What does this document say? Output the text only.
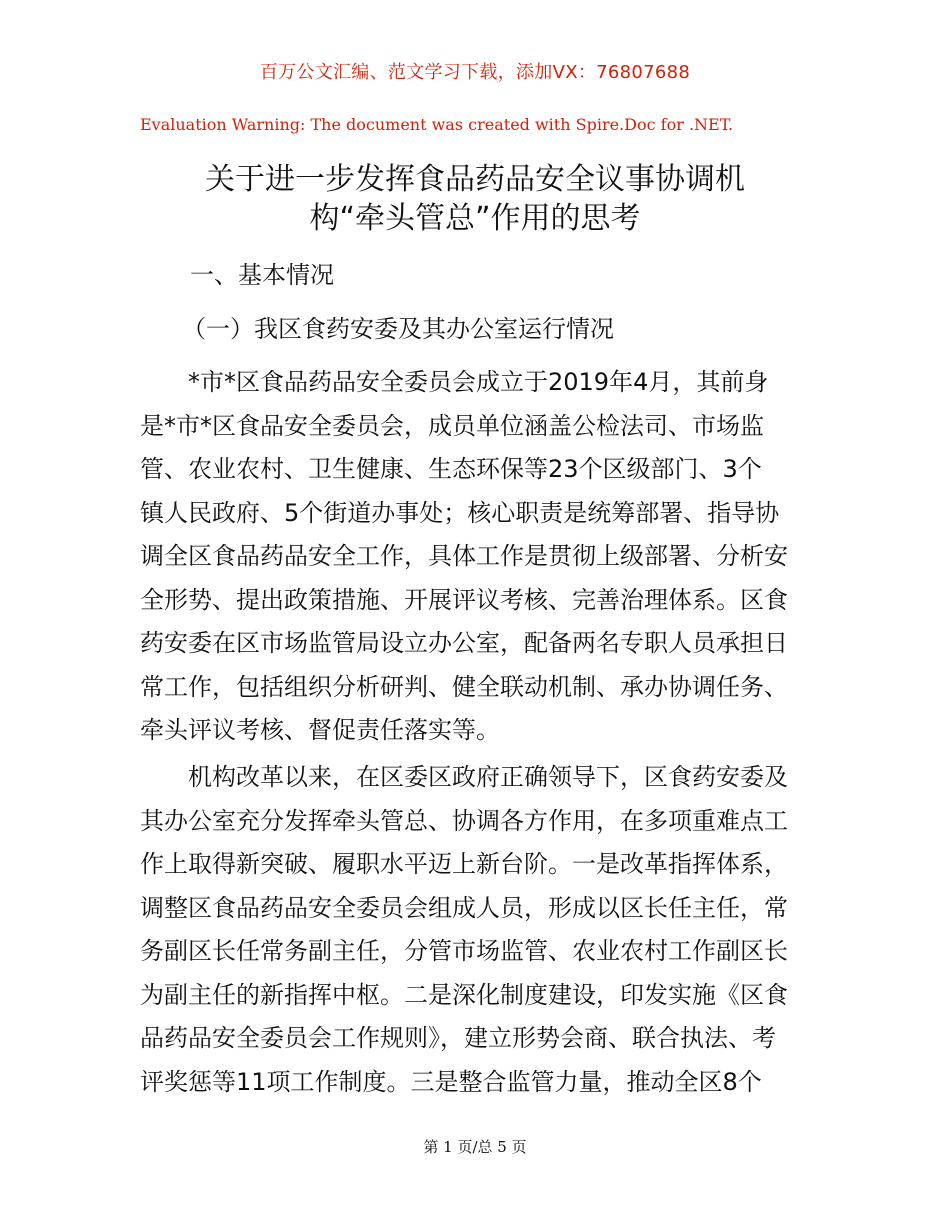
百万公文汇编、范文学习下载，添加VX：76807688
Evaluation Warning: The document was created with Spire.Doc for .NET.
关于进一步发挥食品药品安全议事协调机
构“牵头管总”作用的思考
一、基本情况
（一）我区食药安委及其办公室运行情况
　　*市*区食品药品安全委员会成立于2019年4月，其前身
是*市*区食品安全委员会，成员单位涵盖公检法司、市场监
管、农业农村、卫生健康、生态环保等23个区级部门、3个
镇人民政府、5个街道办事处；核心职责是统筹部署、指导协
调全区食品药品安全工作，具体工作是贯彻上级部署、分析安
全形势、提出政策措施、开展评议考核、完善治理体系。区食
药安委在区市场监管局设立办公室，配备两名专职人员承担日
常工作，包括组织分析研判、健全联动机制、承办协调任务、
牵头评议考核、督促责任落实等。
　　机构改革以来，在区委区政府正确领导下，区食药安委及
其办公室充分发挥牵头管总、协调各方作用，在多项重难点工
作上取得新突破、履职水平迈上新台阶。一是改革指挥体系，
调整区食品药品安全委员会组成人员，形成以区长任主任，常
务副区长任常务副主任，分管市场监管、农业农村工作副区长
为副主任的新指挥中枢。二是深化制度建设，印发实施《区食
品药品安全委员会工作规则》，建立形势会商、联合执法、考
评奖惩等11项工作制度。三是整合监管力量，推动全区8个
第 1 页/总 5 页
